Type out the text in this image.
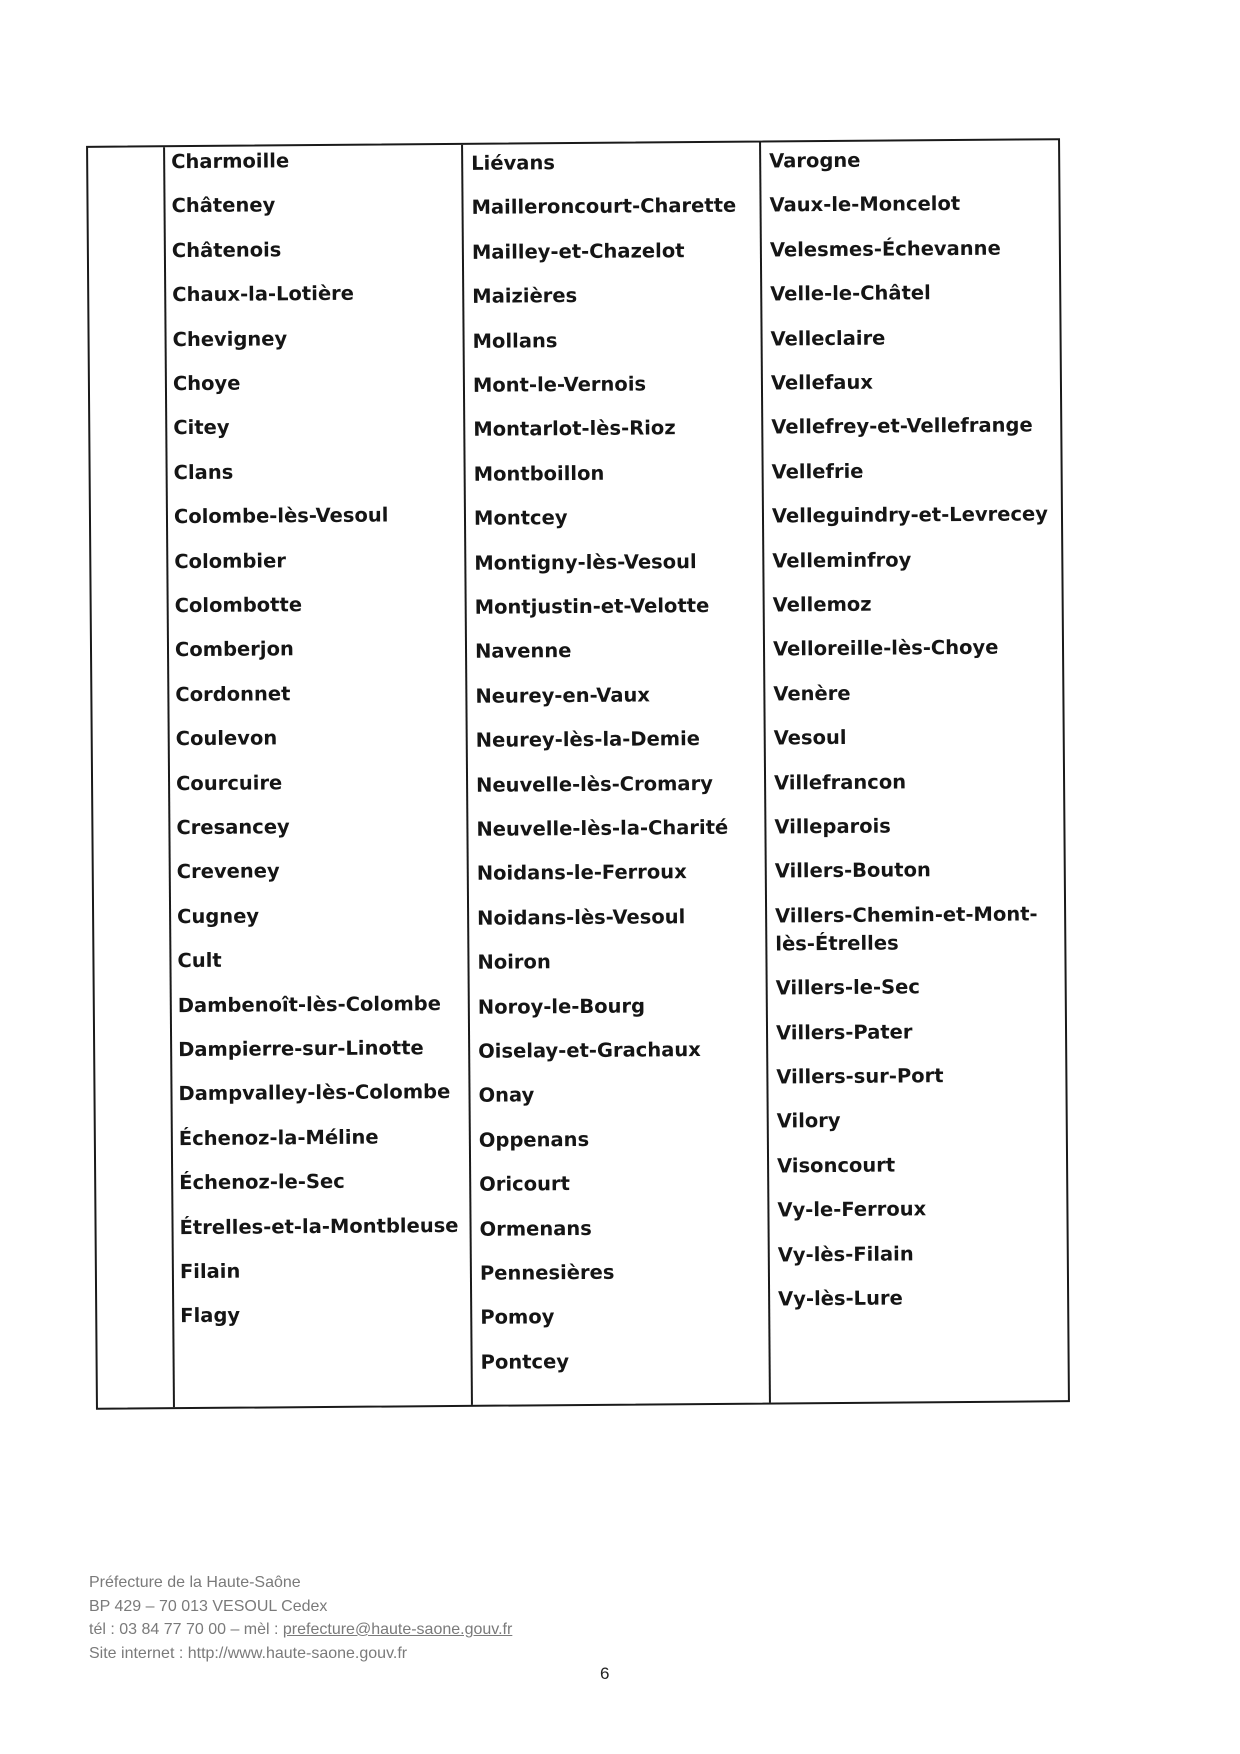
Charmoille
Châteney
Châtenois
Chaux-la-Lotière
Chevigney
Choye
Citey
Clans
Colombe-lès-Vesoul
Colombier
Colombotte
Comberjon
Cordonnet
Coulevon
Courcuire
Cresancey
Creveney
Cugney
Cult
Dambenoît-lès-Colombe
Dampierre-sur-Linotte
Dampvalley-lès-Colombe
Échenoz-la-Méline
Échenoz-le-Sec
Étrelles-et-la-Montbleuse
Filain
Flagy
Liévans
Mailleroncourt-Charette
Mailley-et-Chazelot
Maizières
Mollans
Mont-le-Vernois
Montarlot-lès-Rioz
Montboillon
Montcey
Montigny-lès-Vesoul
Montjustin-et-Velotte
Navenne
Neurey-en-Vaux
Neurey-lès-la-Demie
Neuvelle-lès-Cromary
Neuvelle-lès-la-Charité
Noidans-le-Ferroux
Noidans-lès-Vesoul
Noiron
Noroy-le-Bourg
Oiselay-et-Grachaux
Onay
Oppenans
Oricourt
Ormenans
Pennesières
Pomoy
Pontcey
Varogne
Vaux-le-Moncelot
Velesmes-Échevanne
Velle-le-Châtel
Velleclaire
Vellefaux
Vellefrey-et-Vellefrange
Vellefrie
Velleguindry-et-Levrecey
Velleminfroy
Vellemoz
Velloreille-lès-Choye
Venère
Vesoul
Villefrancon
Villeparois
Villers-Bouton
Villers-Chemin-et-Mont-lès-Étrelles
Villers-le-Sec
Villers-Pater
Villers-sur-Port
Vilory
Visoncourt
Vy-le-Ferroux
Vy-lès-Filain
Vy-lès-Lure
Préfecture de la Haute-Saône
BP 429 – 70 013 VESOUL Cedex
tél : 03 84 77 70 00 – mèl : prefecture@haute-saone.gouv.fr
Site internet : http://www.haute-saone.gouv.fr
6
